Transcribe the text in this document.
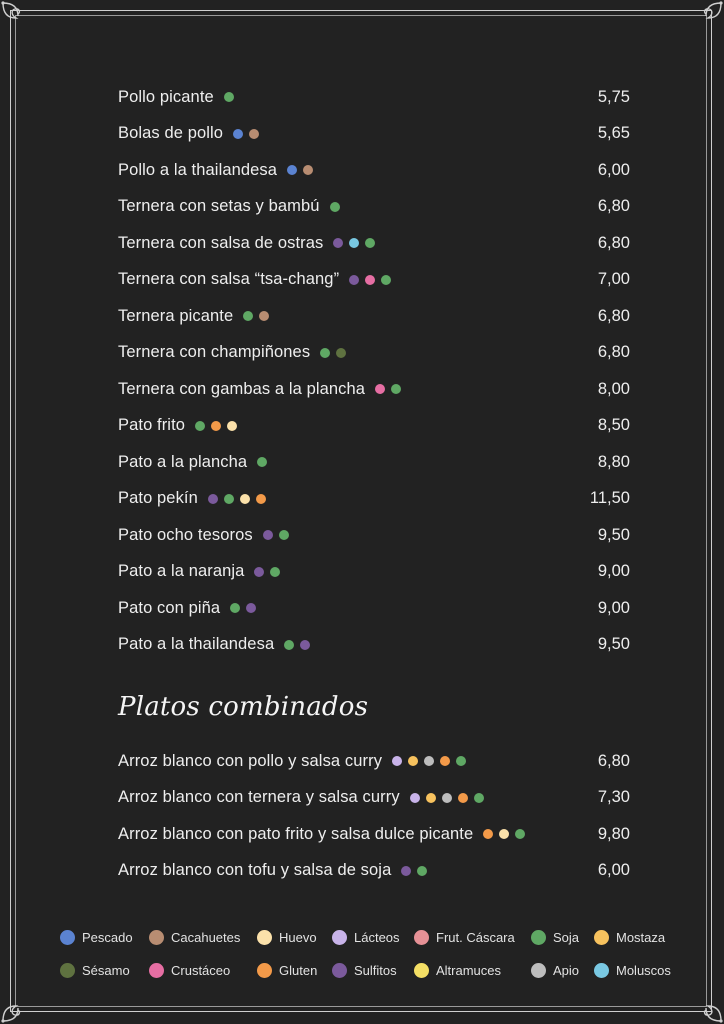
Pollo picante	5,75
Bolas de pollo	5,65
Pollo a la thailandesa	6,00
Ternera con setas y bambú	6,80
Ternera con salsa de ostras	6,80
Ternera con salsa “tsa-chang”	7,00
Ternera picante	6,80
Ternera con champiñones	6,80
Ternera con gambas a la plancha	8,00
Pato frito	8,50
Pato a la plancha	8,80
Pato pekín	11,50
Pato ocho tesoros	9,50
Pato a la naranja	9,00
Pato con piña	9,00
Pato a la thailandesa	9,50
Platos combinados
Arroz blanco con pollo y salsa curry	6,80
Arroz blanco con ternera y salsa curry	7,30
Arroz blanco con pato frito y salsa dulce picante	9,80
Arroz blanco con tofu y salsa de soja	6,00
Pescado	Cacahuetes	Huevo	Lácteos	Frut. Cáscara	Soja	Mostaza
Sésamo	Crustáceo	Gluten	Sulfitos	Altramuces	Apio	Moluscos
